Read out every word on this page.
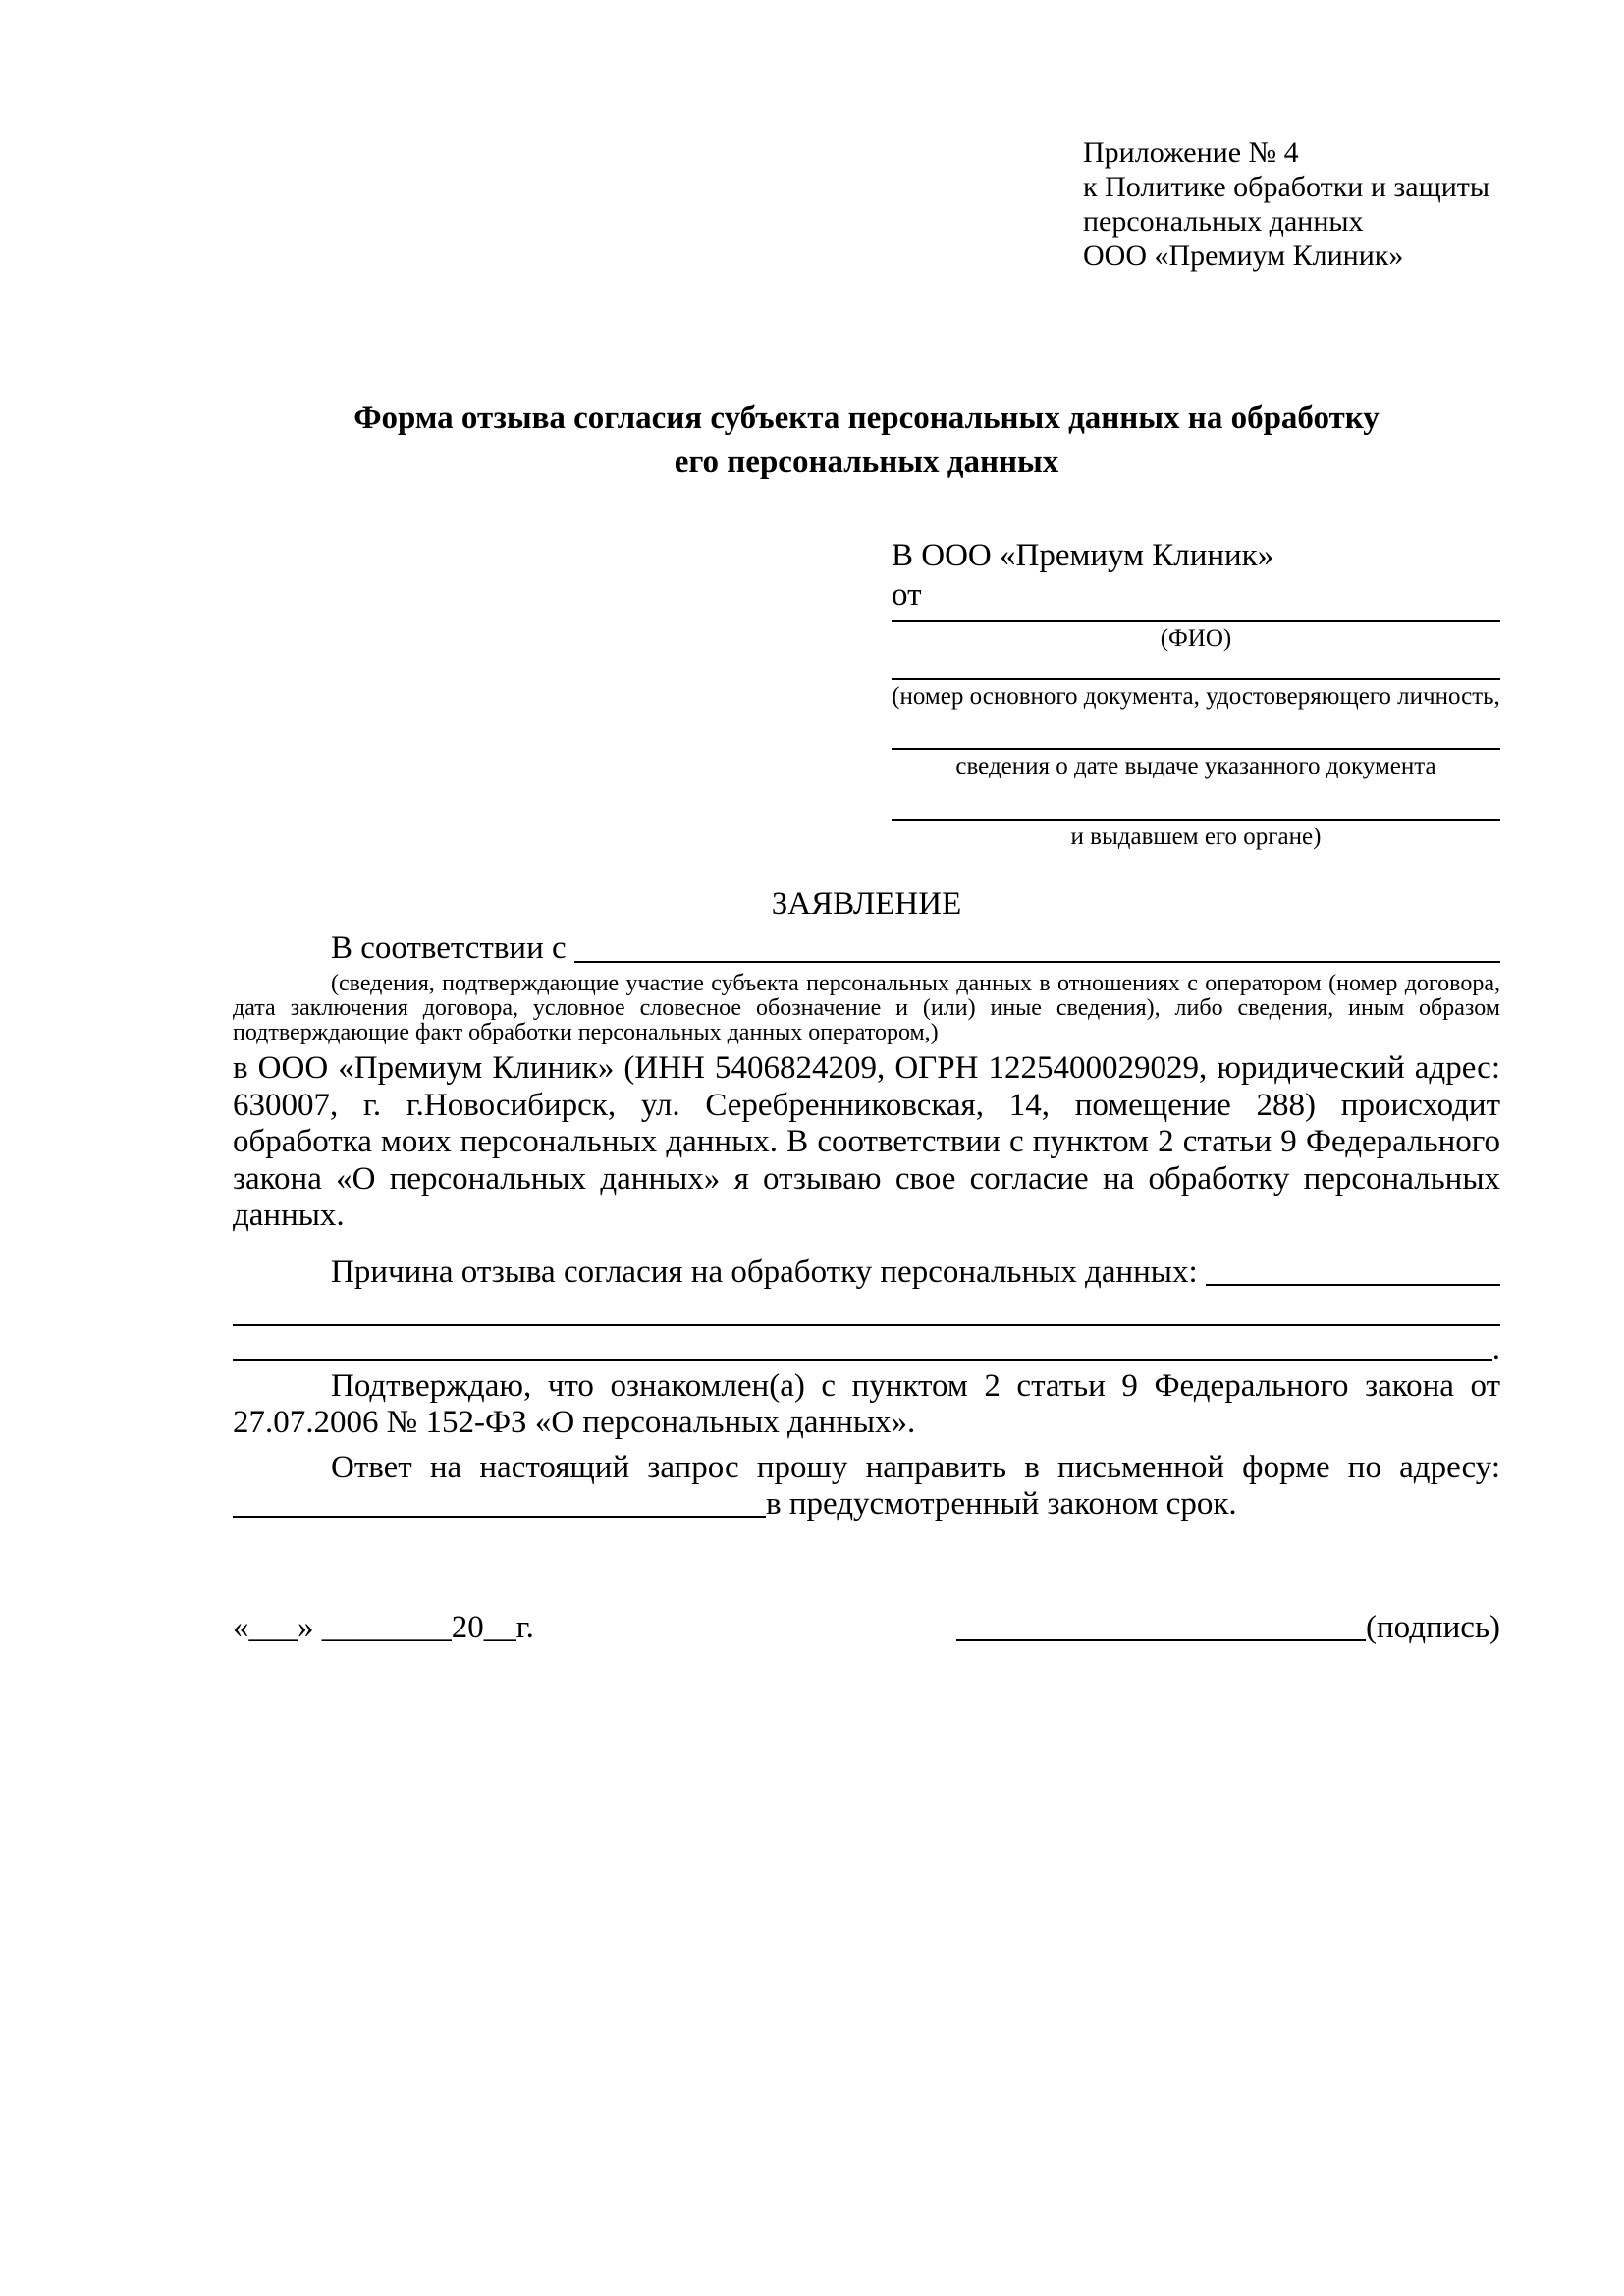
Приложение № 4
к Политике обработки и защиты
персональных данных
ООО «Премиум Клиник»
Форма отзыва согласия субъекта персональных данных на обработку
его персональных данных
В ООО «Премиум Клиник»
от
(ФИО)
(номер основного документа, удостоверяющего личность,
сведения о дате выдаче указанного документа
и выдавшем его органе)
ЗАЯВЛЕНИЕ
В соответствии с
(сведения, подтверждающие участие субъекта персональных данных в отношениях с оператором (номер договора, дата заключения договора, условное словесное обозначение и (или) иные сведения), либо сведения, иным образом подтверждающие факт обработки персональных данных оператором,)
в ООО «Премиум Клиник» (ИНН 5406824209, ОГРН 1225400029029, юридический адрес: 630007, г. г.Новосибирск, ул. Серебренниковская, 14, помещение 288) происходит обработка моих персональных данных. В соответствии с пунктом 2 статьи 9 Федерального закона «О персональных данных» я отзываю свое согласие на обработку персональных данных.
Причина отзыва согласия на обработку персональных данных:
.
Подтверждаю, что ознакомлен(а) с пунктом 2 статьи 9 Федерального закона от 27.07.2006 № 152-ФЗ «О персональных данных».
Ответ на настоящий запрос прошу направить в письменной форме по адресу: в предусмотренный законом срок.
«___» ________20__г.	(подпись)
